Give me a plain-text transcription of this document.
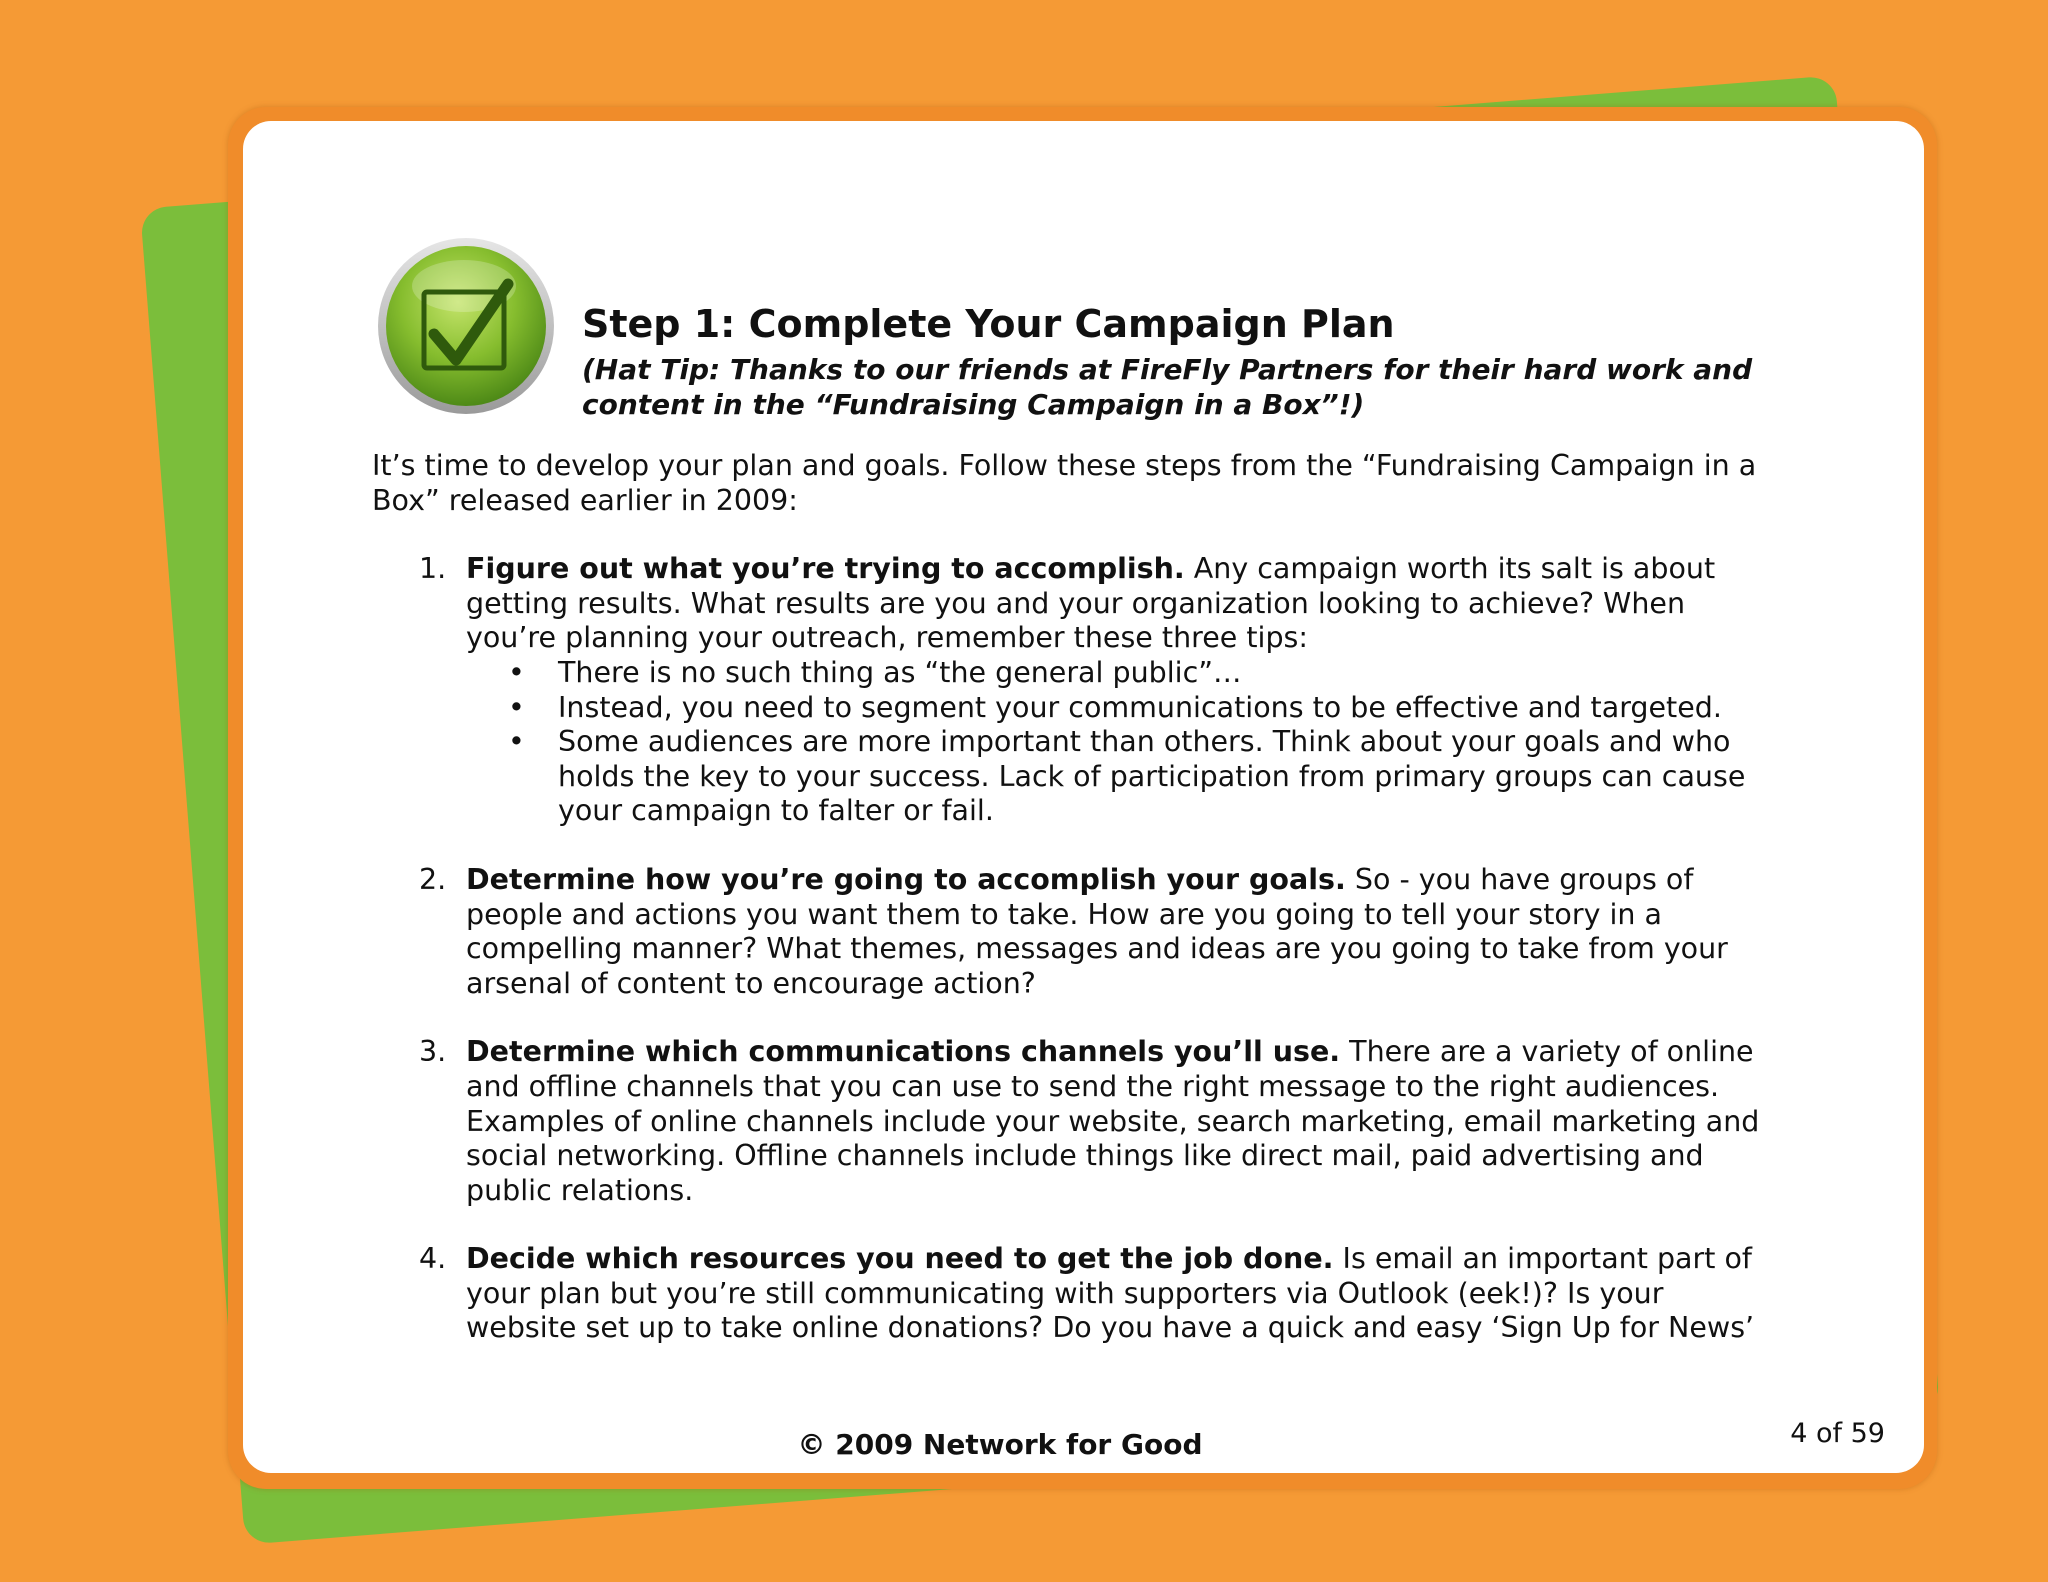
Step 1: Complete Your Campaign Plan

(Hat Tip: Thanks to our friends at FireFly Partners for their hard work and
content in the “Fundraising Campaign in a Box”!)

It’s time to develop your plan and goals. Follow these steps from the “Fundraising Campaign in a Box” released earlier in 2009:

1. Figure out what you’re trying to accomplish. Any campaign worth its salt is about getting results. What results are you and your organization looking to achieve? When you’re planning your outreach, remember these three tips:
• There is no such thing as “the general public”…
• Instead, you need to segment your communications to be effective and targeted.
• Some audiences are more important than others. Think about your goals and who holds the key to your success. Lack of participation from primary groups can cause your campaign to falter or fail.
2. Determine how you’re going to accomplish your goals. So - you have groups of people and actions you want them to take. How are you going to tell your story in a compelling manner? What themes, messages and ideas are you going to take from your arsenal of content to encourage action?
3. Determine which communications channels you’ll use. There are a variety of online and offline channels that you can use to send the right message to the right audiences. Examples of online channels include your website, search marketing, email marketing and social networking. Offline channels include things like direct mail, paid advertising and public relations.
4. Decide which resources you need to get the job done. Is email an important part of your plan but you’re still communicating with supporters via Outlook (eek!)? Is your website set up to take online donations? Do you have a quick and easy ‘Sign Up for News’
© 2009 Network for Good	4 of 59
